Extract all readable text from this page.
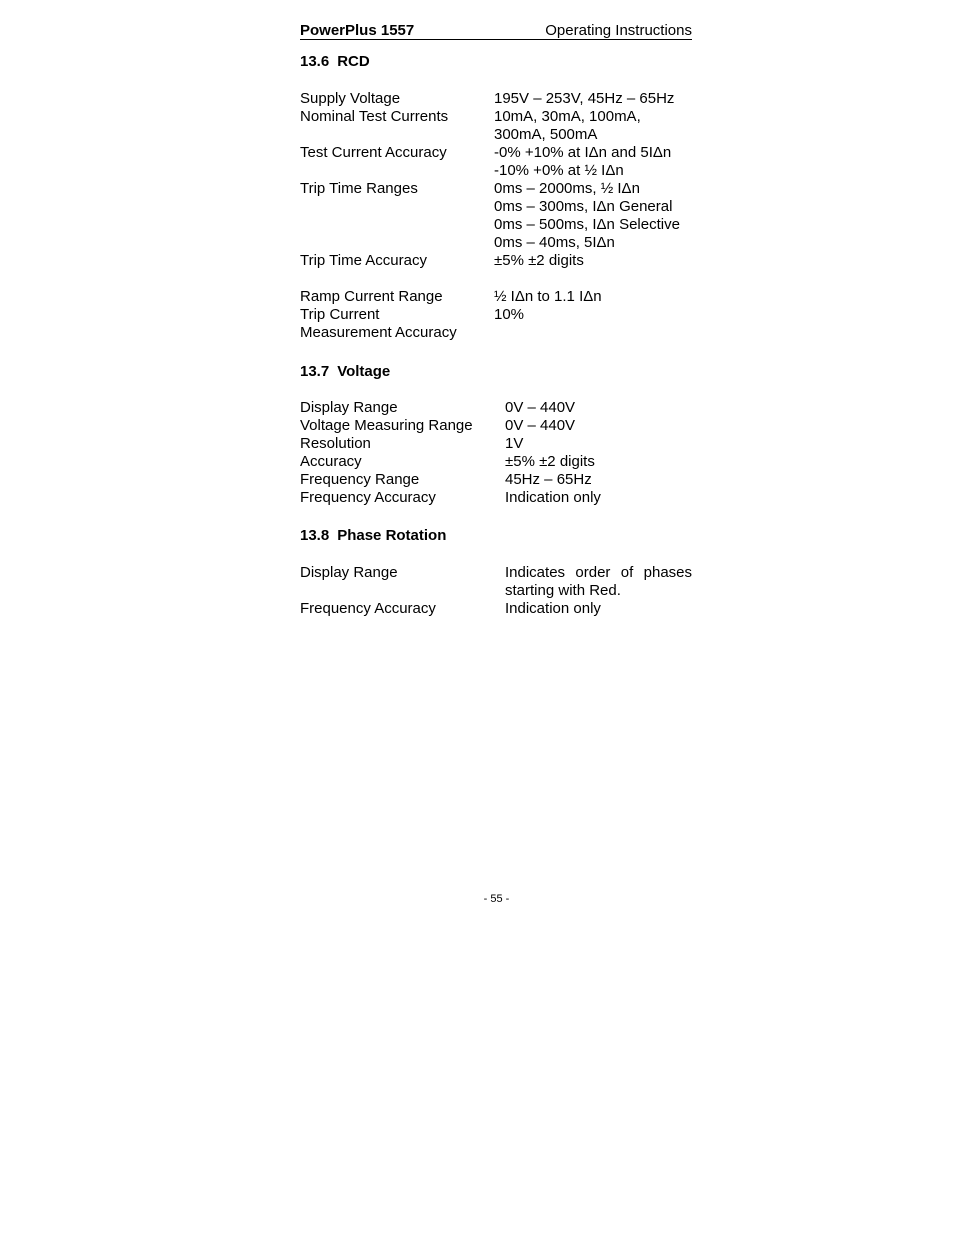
PowerPlus 1557	Operating Instructions
13.6 RCD
Supply Voltage	195V – 253V, 45Hz – 65Hz
Nominal Test Currents	10mA, 30mA, 100mA,
300mA, 500mA
Test Current Accuracy	-0% +10% at IΔn and 5IΔn
-10% +0% at ½ IΔn
Trip Time Ranges	0ms – 2000ms, ½ IΔn
0ms – 300ms, IΔn General
0ms – 500ms, IΔn Selective
0ms – 40ms, 5IΔn
Trip Time Accuracy	±5% ±2 digits
Ramp Current Range	½ IΔn to 1.1 IΔn
Trip Current	10%
Measurement Accuracy
13.7 Voltage
Display Range	0V – 440V
Voltage Measuring Range 0V – 440V
Resolution	1V
Accuracy	±5% ±2 digits
Frequency Range	45Hz – 65Hz
Frequency Accuracy	Indication only
13.8 Phase Rotation
Display Range	Indicates order of phases
starting with Red.
Frequency Accuracy	Indication only
- 55 -
